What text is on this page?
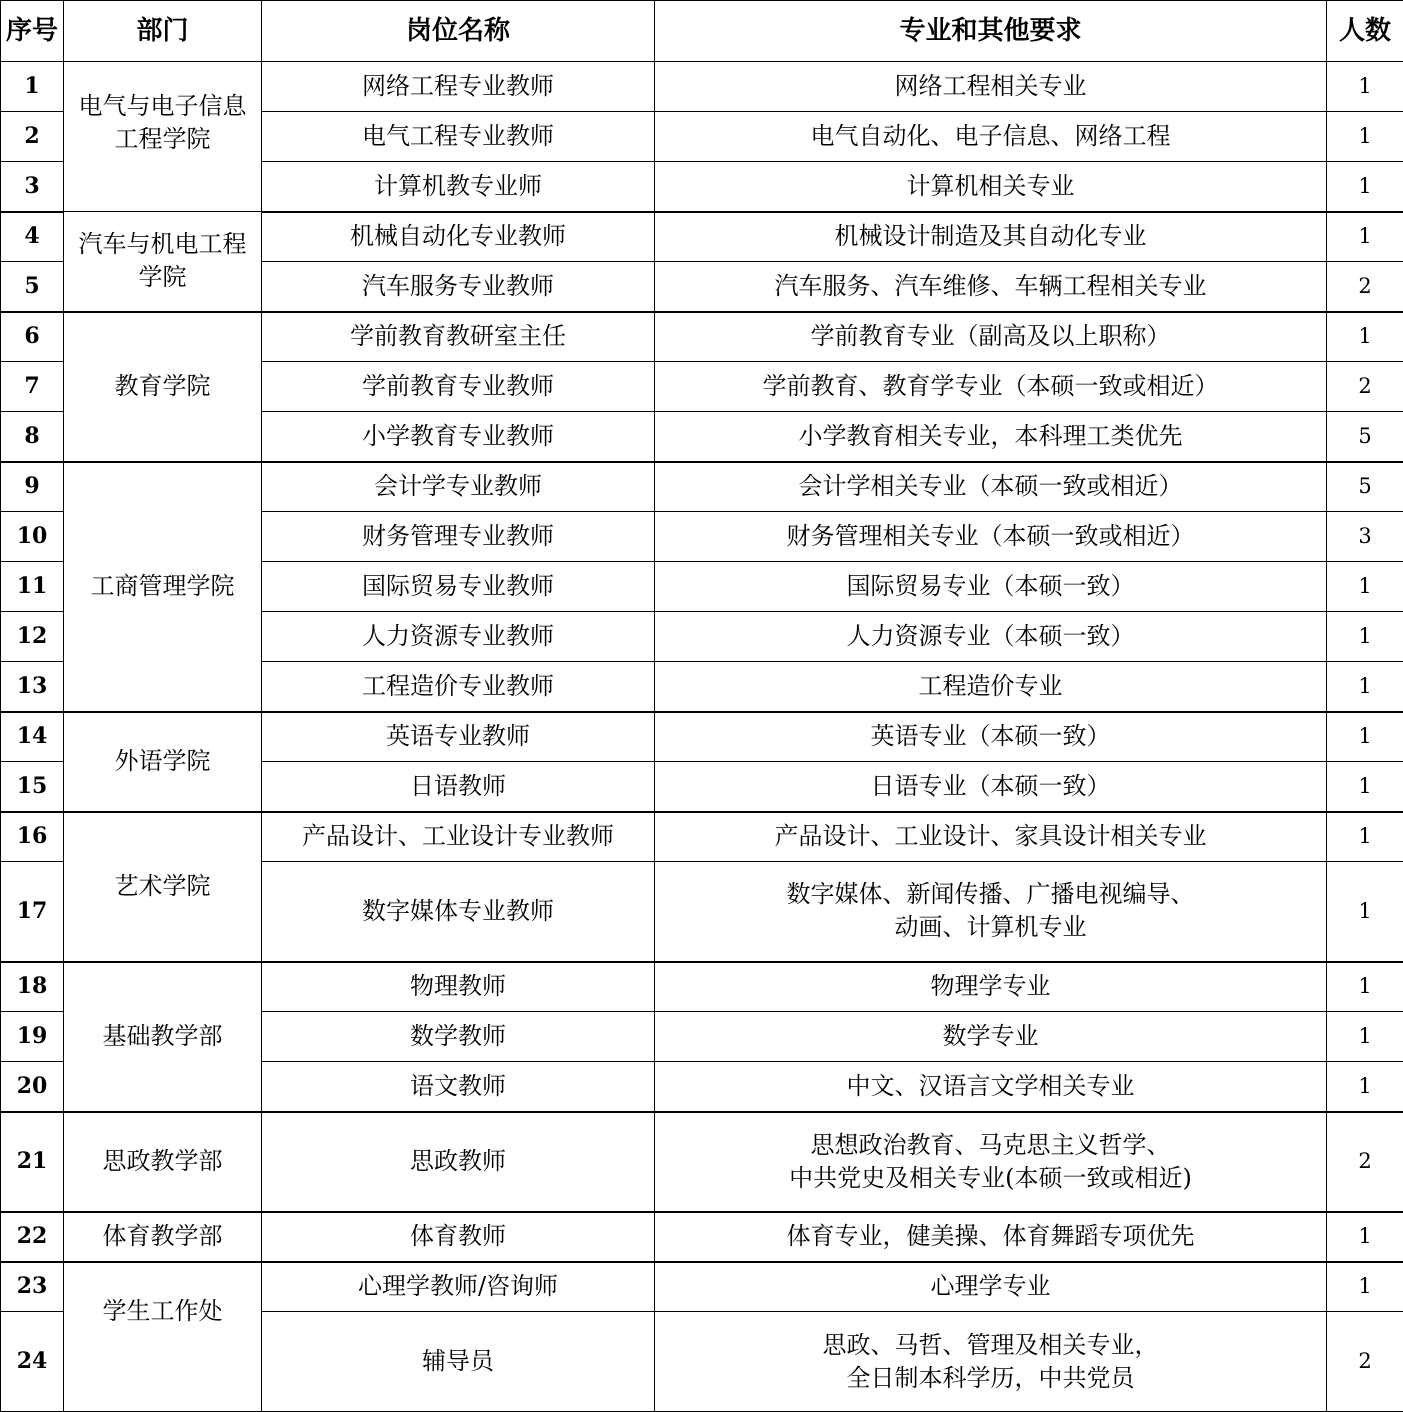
序号	部门	岗位名称	专业和其他要求	人数
1	电气与电子信息工程学院	网络工程专业教师	网络工程相关专业	1
2		电气工程专业教师	电气自动化、电子信息、网络工程	1
3		计算机教专业师	计算机相关专业	1
4	汽车与机电工程学院	机械自动化专业教师	机械设计制造及其自动化专业	1
5		汽车服务专业教师	汽车服务、汽车维修、车辆工程相关专业	2
6	教育学院	学前教育教研室主任	学前教育专业（副高及以上职称）	1
7		学前教育专业教师	学前教育、教育学专业（本硕一致或相近）	2
8		小学教育专业教师	小学教育相关专业，本科理工类优先	5
9	工商管理学院	会计学专业教师	会计学相关专业（本硕一致或相近）	5
10		财务管理专业教师	财务管理相关专业（本硕一致或相近）	3
11		国际贸易专业教师	国际贸易专业（本硕一致）	1
12		人力资源专业教师	人力资源专业（本硕一致）	1
13		工程造价专业教师	工程造价专业	1
14	外语学院	英语专业教师	英语专业（本硕一致）	1
15		日语教师	日语专业（本硕一致）	1
16	艺术学院	产品设计、工业设计专业教师	产品设计、工业设计、家具设计相关专业	1
17		数字媒体专业教师	数字媒体、新闻传播、广播电视编导、
动画、计算机专业	1
18	基础教学部	物理教师	物理学专业	1
19		数学教师	数学专业	1
20		语文教师	中文、汉语言文学相关专业	1
21	思政教学部	思政教师	思想政治教育、马克思主义哲学、
中共党史及相关专业(本硕一致或相近)	2
22	体育教学部	体育教师	体育专业，健美操、体育舞蹈专项优先	1
23	学生工作处	心理学教师/咨询师	心理学专业	1
24		辅导员	思政、马哲、管理及相关专业，
全日制本科学历，中共党员	2
